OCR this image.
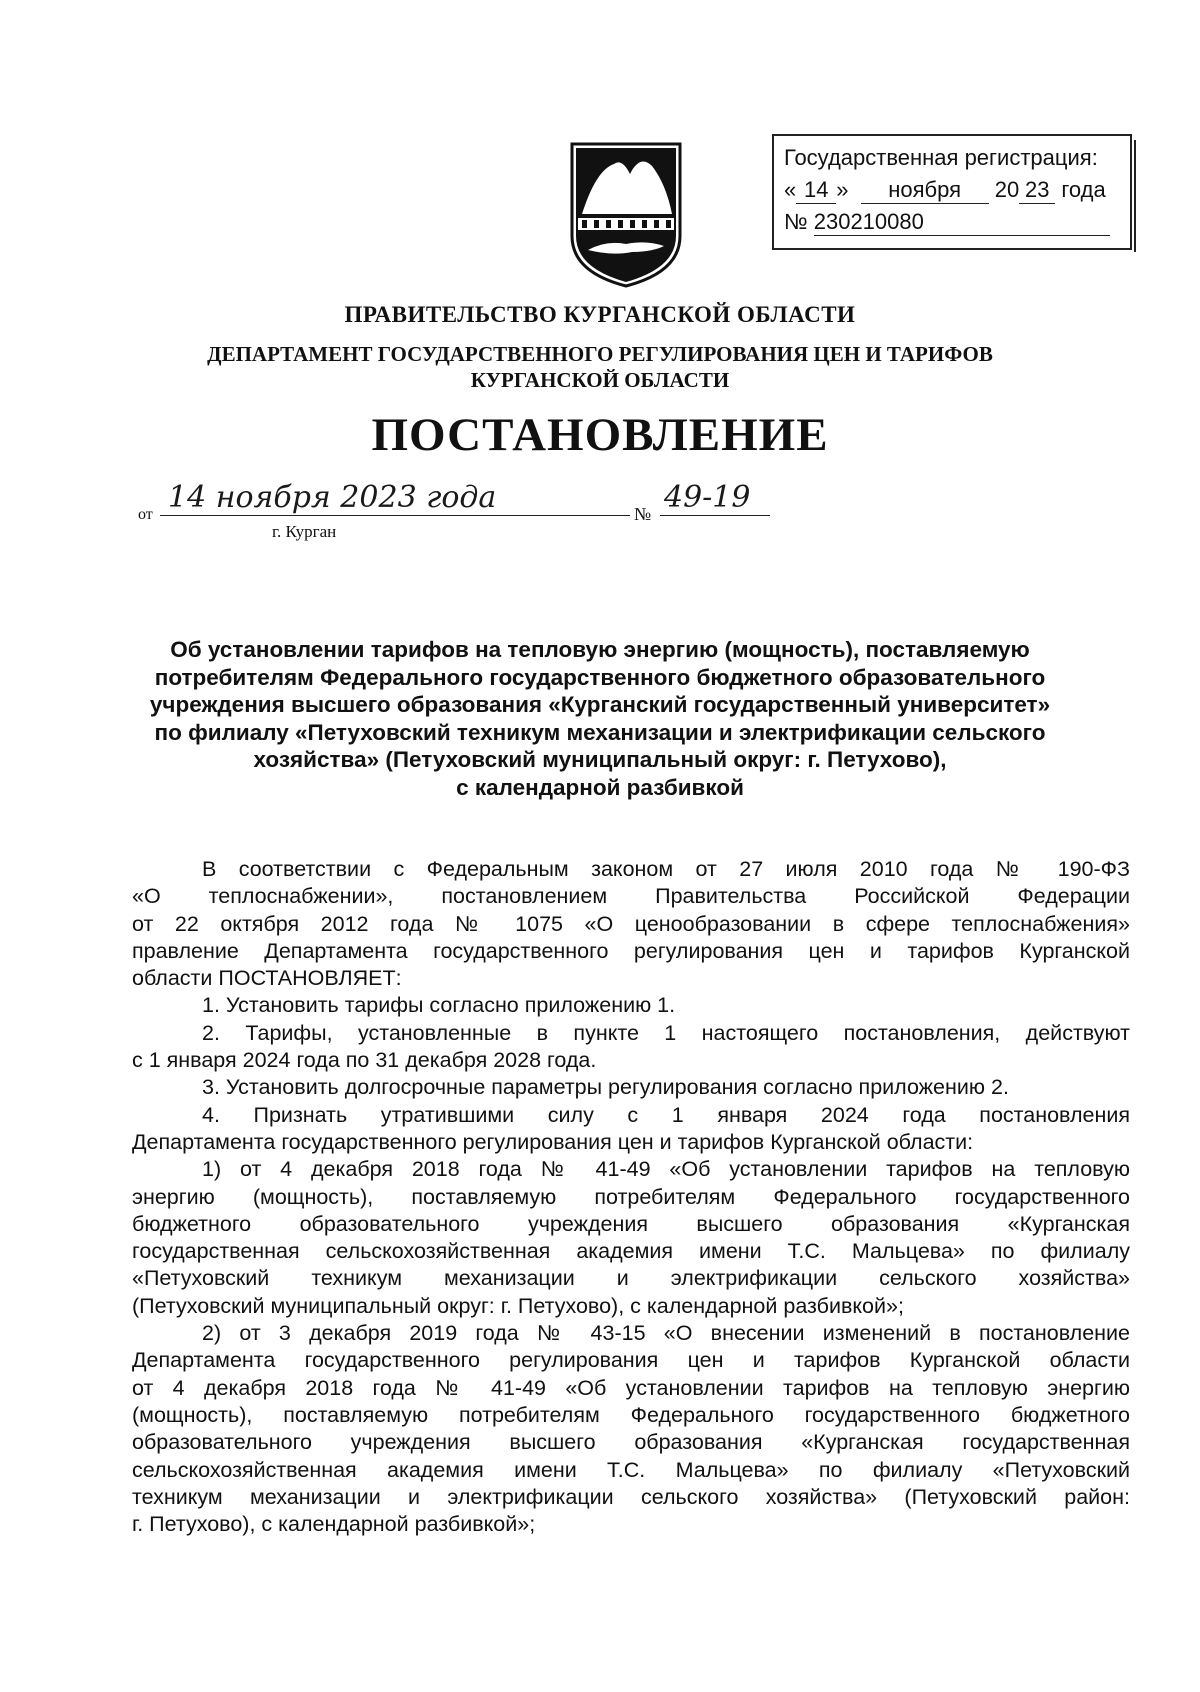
Государственная регистрация:
« 14 » ноября 20 23 года
№ 230210080
ПРАВИТЕЛЬСТВО КУРГАНСКОЙ ОБЛАСТИ
ДЕПАРТАМЕНТ ГОСУДАРСТВЕННОГО РЕГУЛИРОВАНИЯ ЦЕН И ТАРИФОВ
КУРГАНСКОЙ ОБЛАСТИ
ПОСТАНОВЛЕНИЕ
от 14 ноября 2023 года	№ 49-19
г. Курган
Об установлении тарифов на тепловую энергию (мощность), поставляемую
потребителям Федерального государственного бюджетного образовательного
учреждения высшего образования «Курганский государственный университет»
по филиалу «Петуховский техникум механизации и электрификации сельского
хозяйства» (Петуховский муниципальный округ: г. Петухово),
с календарной разбивкой
В соответствии с Федеральным законом от 27 июля 2010 года № 190-ФЗ
«О теплоснабжении», постановлением Правительства Российской Федерации
от 22 октября 2012 года № 1075 «О ценообразовании в сфере теплоснабжения»
правление Департамента государственного регулирования цен и тарифов Курганской
области ПОСТАНОВЛЯЕТ:
1. Установить тарифы согласно приложению 1.
2. Тарифы, установленные в пункте 1 настоящего постановления, действуют
с 1 января 2024 года по 31 декабря 2028 года.
3. Установить долгосрочные параметры регулирования согласно приложению 2.
4. Признать утратившими силу с 1 января 2024 года постановления
Департамента государственного регулирования цен и тарифов Курганской области:
1) от 4 декабря 2018 года № 41-49 «Об установлении тарифов на тепловую
энергию (мощность), поставляемую потребителям Федерального государственного
бюджетного образовательного учреждения высшего образования «Курганская
государственная сельскохозяйственная академия имени Т.С. Мальцева» по филиалу
«Петуховский техникум механизации и электрификации сельского хозяйства»
(Петуховский муниципальный округ: г. Петухово), с календарной разбивкой»;
2) от 3 декабря 2019 года № 43-15 «О внесении изменений в постановление
Департамента государственного регулирования цен и тарифов Курганской области
от 4 декабря 2018 года № 41-49 «Об установлении тарифов на тепловую энергию
(мощность), поставляемую потребителям Федерального государственного бюджетного
образовательного учреждения высшего образования «Курганская государственная
сельскохозяйственная академия имени Т.С. Мальцева» по филиалу «Петуховский
техникум механизации и электрификации сельского хозяйства» (Петуховский район:
г. Петухово), с календарной разбивкой»;
